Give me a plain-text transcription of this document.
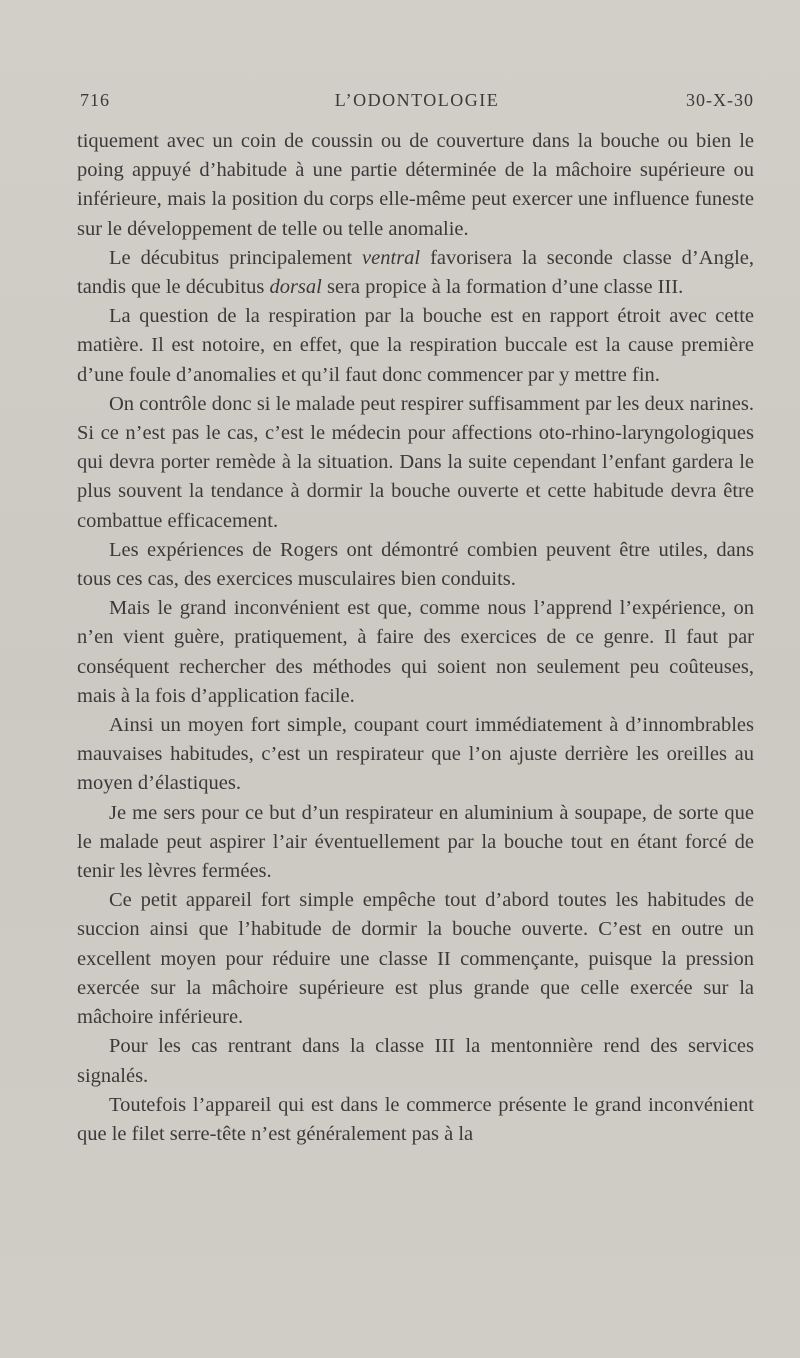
716	L’ODONTOLOGIE	30-X-30

tiquement avec un coin de coussin ou de couverture dans la bouche ou bien le poing appuyé d’habitude à une partie déterminée de la mâchoire supérieure ou inférieure, mais la position du corps elle-même peut exercer une influence funeste sur le développement de telle ou telle anomalie.

Le décubitus principalement ventral favorisera la seconde classe d’Angle, tandis que le décubitus dorsal sera propice à la formation d’une classe III.

La question de la respiration par la bouche est en rapport étroit avec cette matière. Il est notoire, en effet, que la respiration buccale est la cause première d’une foule d’anomalies et qu’il faut donc commencer par y mettre fin.

On contrôle donc si le malade peut respirer suffisamment par les deux narines. Si ce n’est pas le cas, c’est le médecin pour affections oto-rhino-laryngologiques qui devra porter remède à la situation. Dans la suite cependant l’enfant gardera le plus souvent la tendance à dormir la bouche ouverte et cette habitude devra être combattue efficacement.

Les expériences de Rogers ont démontré combien peuvent être utiles, dans tous ces cas, des exercices musculaires bien conduits.

Mais le grand inconvénient est que, comme nous l’apprend l’expérience, on n’en vient guère, pratiquement, à faire des exercices de ce genre. Il faut par conséquent rechercher des méthodes qui soient non seulement peu coûteuses, mais à la fois d’application facile.

Ainsi un moyen fort simple, coupant court immédiatement à d’innombrables mauvaises habitudes, c’est un respirateur que l’on ajuste derrière les oreilles au moyen d’élastiques.

Je me sers pour ce but d’un respirateur en aluminium à soupape, de sorte que le malade peut aspirer l’air éventuellement par la bouche tout en étant forcé de tenir les lèvres fermées.

Ce petit appareil fort simple empêche tout d’abord toutes les habitudes de succion ainsi que l’habitude de dormir la bouche ouverte. C’est en outre un excellent moyen pour réduire une classe II commençante, puisque la pression exercée sur la mâchoire supérieure est plus grande que celle exercée sur la mâchoire inférieure.

Pour les cas rentrant dans la classe III la mentonnière rend des services signalés.

Toutefois l’appareil qui est dans le commerce présente le grand inconvénient que le filet serre-tête n’est généralement pas à la
